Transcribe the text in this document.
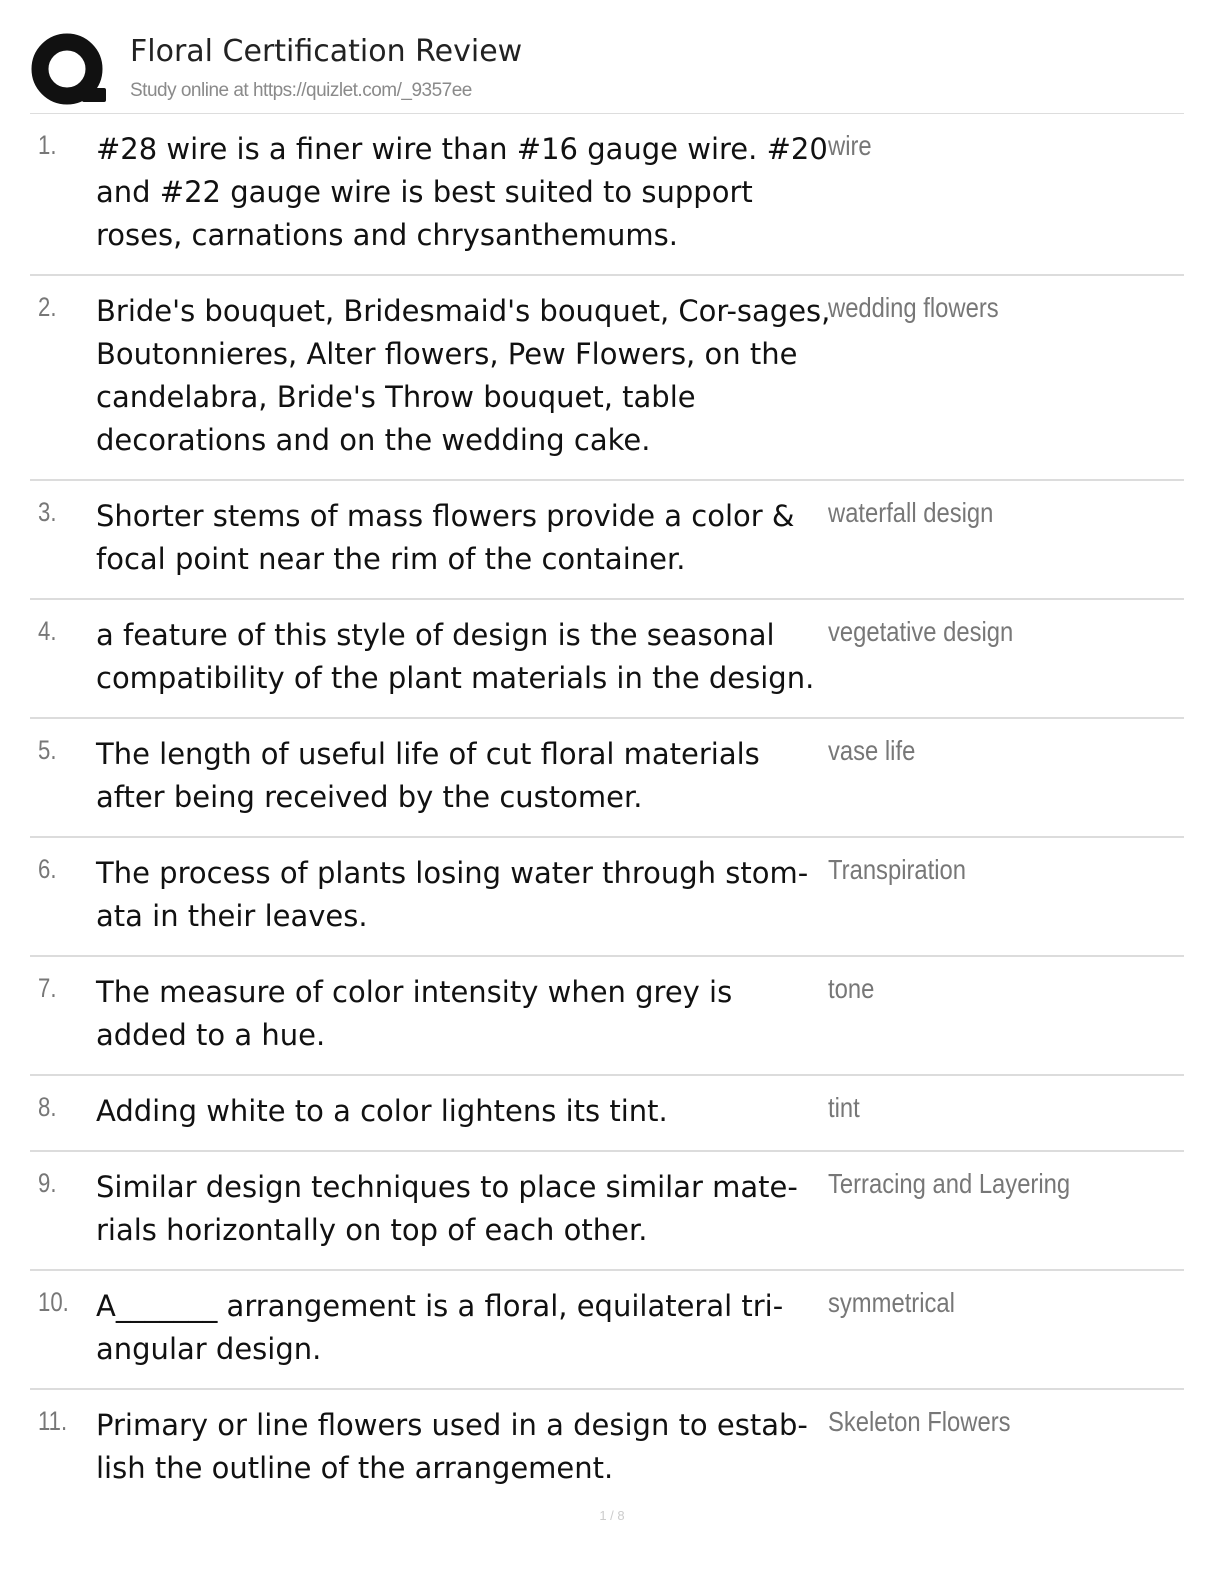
Floral Certification Review
Study online at https://quizlet.com/_9357ee
1.	#28 wire is a finer wire than #16 gauge wire. #20 and #22 gauge wire is best suited to support roses, carnations and chrysanthemums.
wire
2.	Bride's bouquet, Bridesmaid's bouquet, Cor-sages, Boutonnieres, Alter flowers, Pew Flowers, on the candelabra, Bride's Throw bouquet, table decorations and on the wedding cake.
wedding flowers
3.	Shorter stems of mass flowers provide a color & focal point near the rim of the container.
waterfall design
4.	a feature of this style of design is the seasonal compatibility of the plant materials in the design.
vegetative design
5.	The length of useful life of cut floral materials after being received by the customer.
vase life
6.	The process of plants losing water through stom-ata in their leaves.
Transpiration
7.	The measure of color intensity when grey is added to a hue.
tone
8.	Adding white to a color lightens its tint.	tint
9.	Similar design techniques to place similar mate-rials horizontally on top of each other.
Terracing and Layering
10. A_______ arrangement is a floral, equilateral tri-angular design.
symmetrical
11. Primary or line flowers used in a design to estab-lish the outline of the arrangement.
Skeleton Flowers
1 / 8
